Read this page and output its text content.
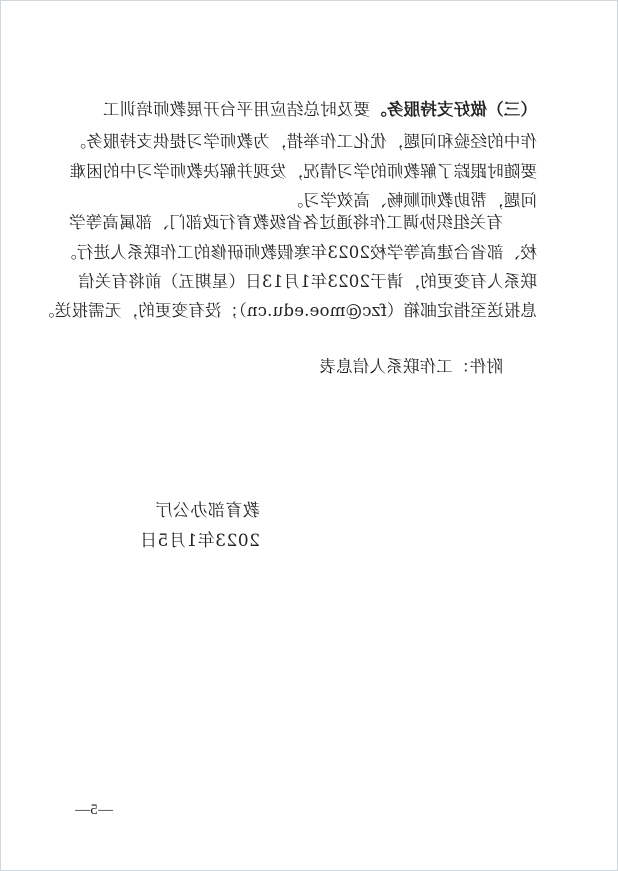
（三）做好支持服务。要及时总结应用平台开展教师培训工
作中的经验和问题，优化工作举措，为教师学习提供支持服务。
要随时跟踪了解教师的学习情况，发现并解决教师学习中的困难
问题，帮助教师顺畅、高效学习。
有关组织协调工作将通过各省级教育行政部门、部属高等学
校、部省合建高等学校2023年寒假教师研修的工作联系人进行。
联系人有变更的，请于2023年1月13日（星期五）前将有关信
息报送至指定邮箱（fzc@moe.edu.cn）；没有变更的，无需报送。
附件：工作联系人信息表
教育部办公厅
2023年1月5日
—5—
